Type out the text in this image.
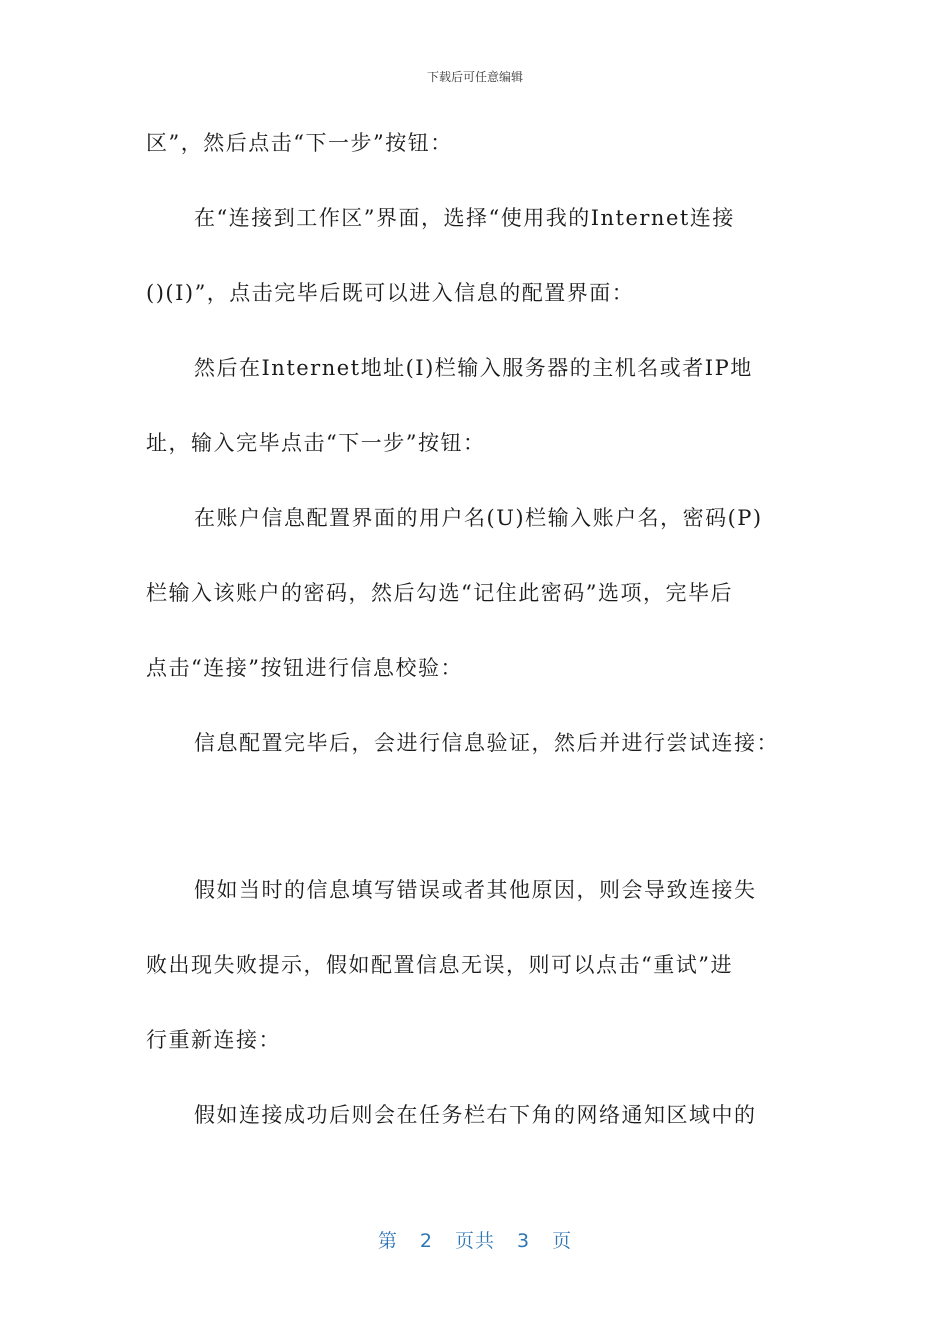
下载后可任意编辑
区”，然后点击“下一步”按钮：
在“连接到工作区”界面，选择“使用我的Internet连接
()(I)”，点击完毕后既可以进入信息的配置界面：
然后在Internet地址(I)栏输入服务器的主机名或者IP地
址，输入完毕点击“下一步”按钮：
在账户信息配置界面的用户名(U)栏输入账户名，密码(P)
栏输入该账户的密码，然后勾选“记住此密码”选项，完毕后
点击“连接”按钮进行信息校验：
信息配置完毕后，会进行信息验证，然后并进行尝试连接：
假如当时的信息填写错误或者其他原因，则会导致连接失
败出现失败提示，假如配置信息无误，则可以点击“重试”进
行重新连接：
假如连接成功后则会在任务栏右下角的网络通知区域中的
第 2 页共 3 页
